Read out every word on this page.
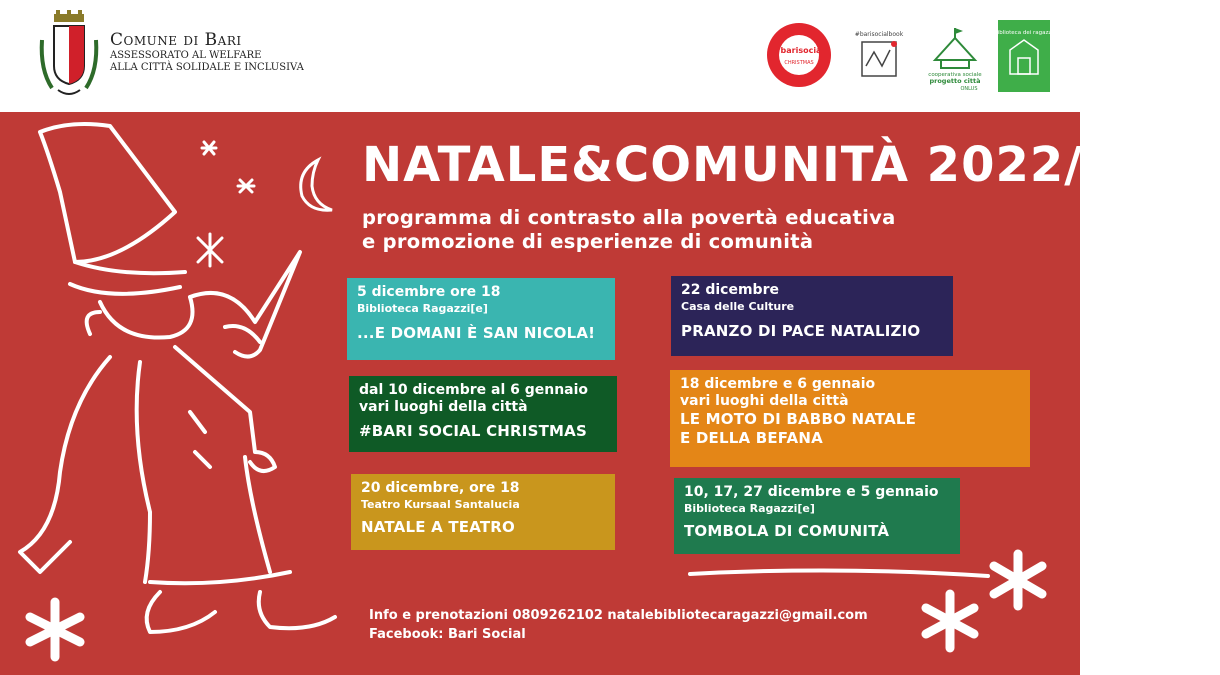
Comune di Bari
ASSESSORATO AL WELFARE
ALLA CITTÀ SOLIDALE E INCLUSIVA
#barisocial
CHRISTMAS
#barisocialbook
cooperativa sociale
progetto città
ONLUS
la biblioteca dei ragazzi[e]
NATALE&COMUNITÀ 2022/2023
programma di contrasto alla povertà educativa
e promozione di esperienze di comunità
5 dicembre ore 18
Biblioteca Ragazzi[e]
...E DOMANI È SAN NICOLA!
dal 10 dicembre al 6 gennaio
vari luoghi della città
#BARI SOCIAL CHRISTMAS
20 dicembre, ore 18
Teatro Kursaal Santalucia
NATALE A TEATRO
22 dicembre
Casa delle Culture
PRANZO DI PACE NATALIZIO
18 dicembre e 6 gennaio
vari luoghi della città
LE MOTO DI BABBO NATALE
E DELLA BEFANA
10, 17, 27 dicembre e 5 gennaio
Biblioteca Ragazzi[e]
TOMBOLA DI COMUNITÀ
Info e prenotazioni 0809262102 natalebibliotecaragazzi@gmail.com
Facebook: Bari Social
